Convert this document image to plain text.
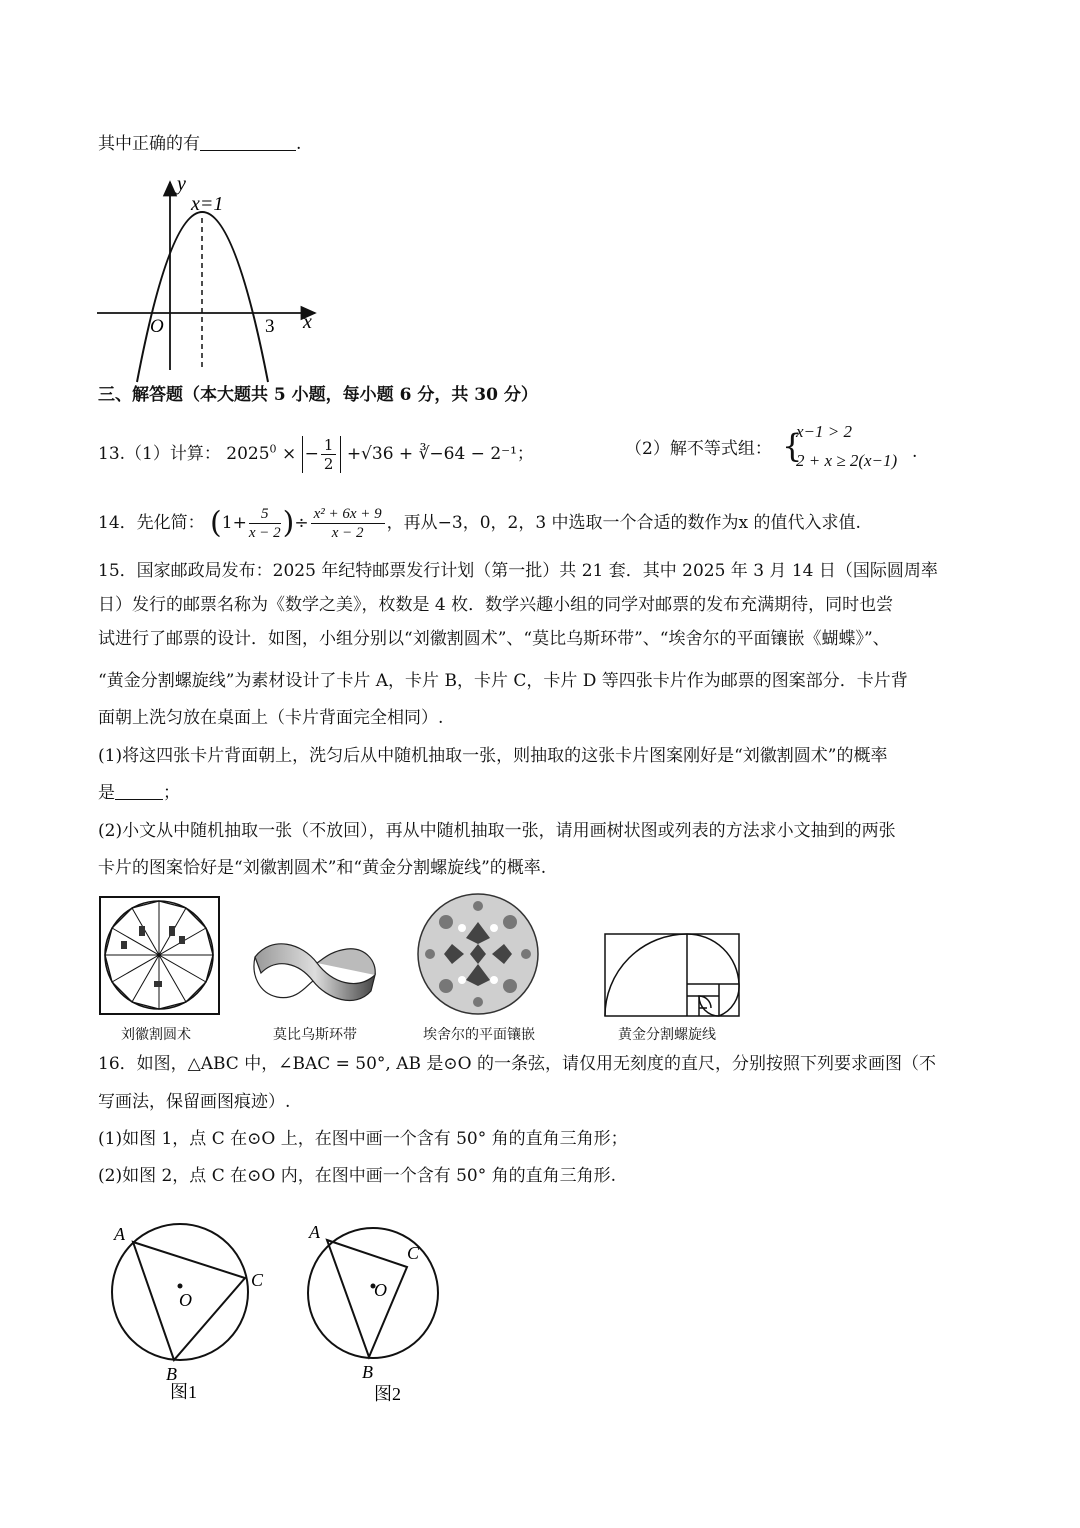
其中正确的有	.
y
x
x=1
O	3
三、解答题（本大题共 5 小题，每小题 6 分，共 30 分）
13.（1）计算： $2025^0$ × − $\frac{1}{2} +√36$ + ∛−64 − 2⁻¹；	（2）解不等式组： {
x−1 > 2
2 + x ≥ 2(x−1) .
14．先化简： ($1+ \frac{5}{x - 2}$ )÷ $\frac{\text{x² + 6x + 9}}{x - 2}$ ，再从−3，0，2，3 中选取一个合适的数作为x 的值代入求值.
15．国家邮政局发布：2025 年纪特邮票发行计划（第一批）共 21 套．其中 2025 年 3 月 14 日（国际圆周率
日）发行的邮票名称为《数学之美》，枚数是 4 枚．数学兴趣小组的同学对邮票的发布充满期待，同时也尝
试进行了邮票的设计．如图，小组分别以“刘徽割圆术”、“莫比乌斯环带”、“埃舍尔的平面镶嵌《蝴蝶》”、
“黄金分割螺旋线”为素材设计了卡片 A，卡片 B，卡片 C，卡片 D 等四张卡片作为邮票的图案部分．卡片背
面朝上洗匀放在桌面上（卡片背面完全相同）.
(1)将这四张卡片背面朝上，洗匀后从中随机抽取一张，则抽取的这张卡片图案刚好是“刘徽割圆术”的概率
是	；
(2)小文从中随机抽取一张（不放回），再从中随机抽取一张，请用画树状图或列表的方法求小文抽到的两张
卡片的图案恰好是“刘徽割圆术”和“黄金分割螺旋线”的概率.
刘徽割圆术	莫比乌斯环带	埃舍尔的平面镶嵌	黄金分割螺旋线
16．如图，△ABC 中，∠BAC = 50°, AB 是⊙O 的一条弦，请仅用无刻度的直尺，分别按照下列要求画图（不
写画法，保留画图痕迹）.
(1)如图 1，点 C 在⊙O 上，在图中画一个含有 50° 角的直角三角形；
(2)如图 2，点 C 在⊙O 内，在图中画一个含有 50° 角的直角三角形.
A
C
O
B
图1
A
C
O
B
图2
